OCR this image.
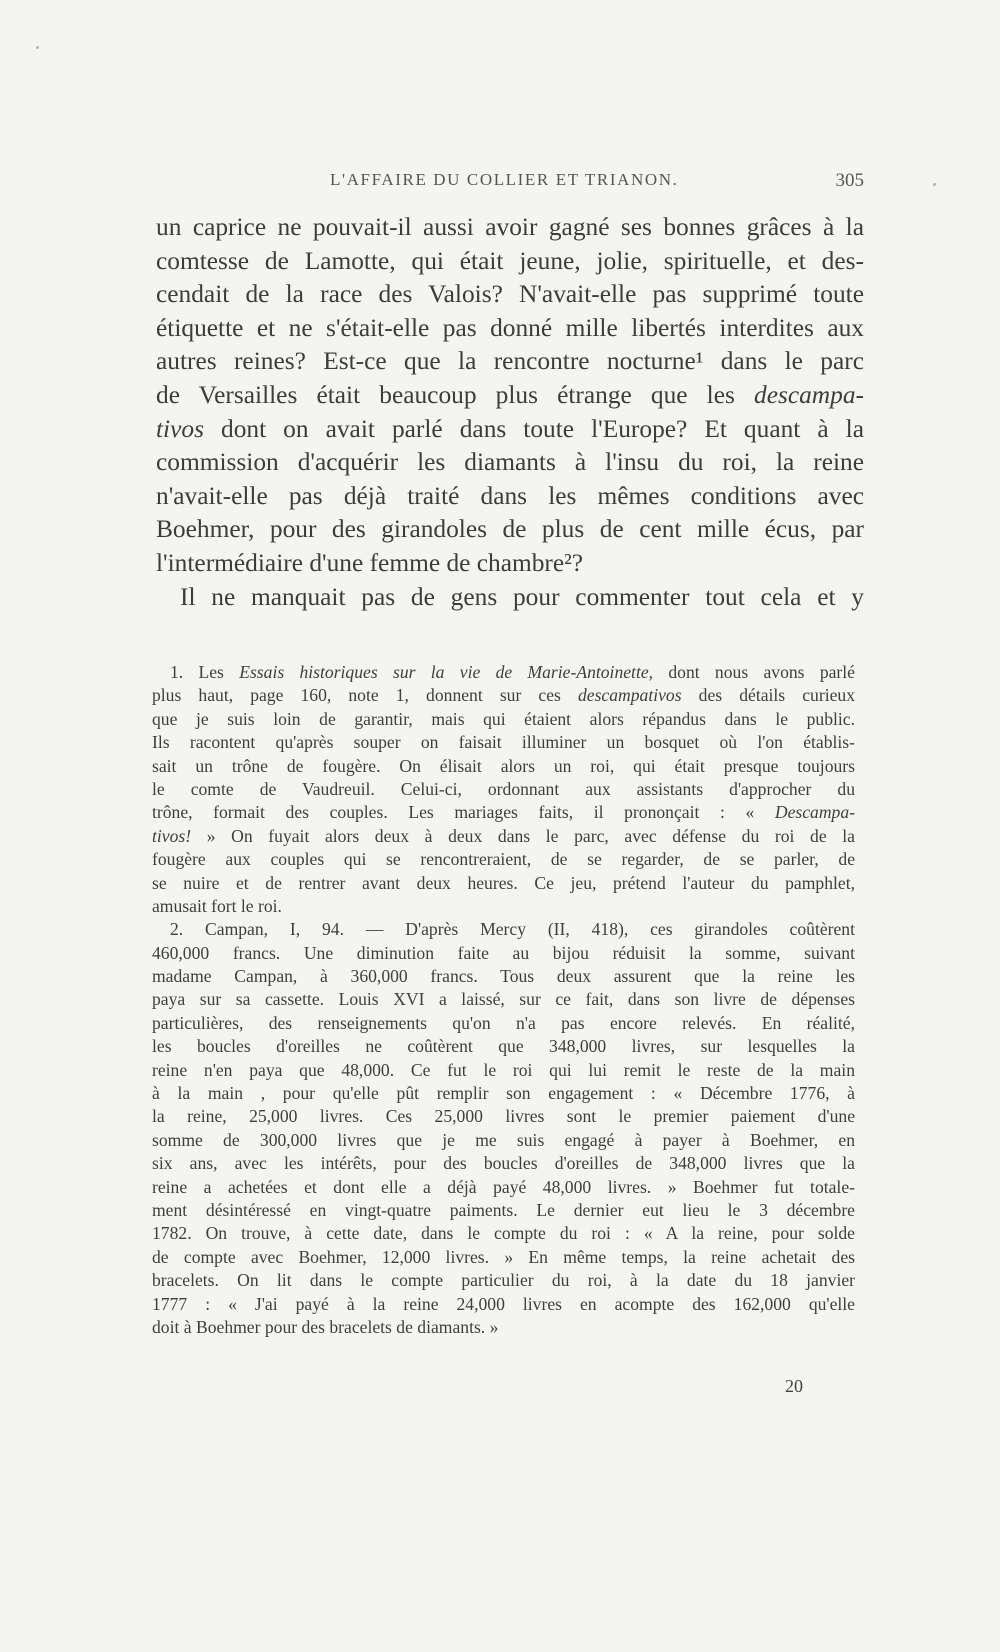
L'AFFAIRE DU COLLIER ET TRIANON.	305
un caprice ne pouvait-il aussi avoir gagné ses bonnes grâces à la
comtesse de Lamotte, qui était jeune, jolie, spirituelle, et des-
cendait de la race des Valois? N'avait-elle pas supprimé toute
étiquette et ne s'était-elle pas donné mille libertés interdites aux
autres reines? Est-ce que la rencontre nocturne¹ dans le parc
de Versailles était beaucoup plus étrange que les descampa-
tivos dont on avait parlé dans toute l'Europe? Et quant à la
commission d'acquérir les diamants à l'insu du roi, la reine
n'avait-elle pas déjà traité dans les mêmes conditions avec
Boehmer, pour des girandoles de plus de cent mille écus, par
l'intermédiaire d'une femme de chambre²?
Il ne manquait pas de gens pour commenter tout cela et y
1. Les Essais historiques sur la vie de Marie-Antoinette, dont nous avons parlé
plus haut, page 160, note 1, donnent sur ces descampativos des détails curieux
que je suis loin de garantir, mais qui étaient alors répandus dans le public.
Ils racontent qu'après souper on faisait illuminer un bosquet où l'on établis-
sait un trône de fougère. On élisait alors un roi, qui était presque toujours
le comte de Vaudreuil. Celui-ci, ordonnant aux assistants d'approcher du
trône, formait des couples. Les mariages faits, il prononçait : « Descampa-
tivos! » On fuyait alors deux à deux dans le parc, avec défense du roi de la
fougère aux couples qui se rencontreraient, de se regarder, de se parler, de
se nuire et de rentrer avant deux heures. Ce jeu, prétend l'auteur du pamphlet,
amusait fort le roi.
2. Campan, I, 94. — D'après Mercy (II, 418), ces girandoles coûtèrent
460,000 francs. Une diminution faite au bijou réduisit la somme, suivant
madame Campan, à 360,000 francs. Tous deux assurent que la reine les
paya sur sa cassette. Louis XVI a laissé, sur ce fait, dans son livre de dépenses
particulières, des renseignements qu'on n'a pas encore relevés. En réalité,
les boucles d'oreilles ne coûtèrent que 348,000 livres, sur lesquelles la
reine n'en paya que 48,000. Ce fut le roi qui lui remit le reste de la main
à la main , pour qu'elle pût remplir son engagement : « Décembre 1776, à
la reine, 25,000 livres. Ces 25,000 livres sont le premier paiement d'une
somme de 300,000 livres que je me suis engagé à payer à Boehmer, en
six ans, avec les intérêts, pour des boucles d'oreilles de 348,000 livres que la
reine a achetées et dont elle a déjà payé 48,000 livres. » Boehmer fut totale-
ment désintéressé en vingt-quatre paiments. Le dernier eut lieu le 3 décembre
1782. On trouve, à cette date, dans le compte du roi : « A la reine, pour solde
de compte avec Boehmer, 12,000 livres. » En même temps, la reine achetait des
bracelets. On lit dans le compte particulier du roi, à la date du 18 janvier
1777 : « J'ai payé à la reine 24,000 livres en acompte des 162,000 qu'elle
doit à Boehmer pour des bracelets de diamants. »
20
